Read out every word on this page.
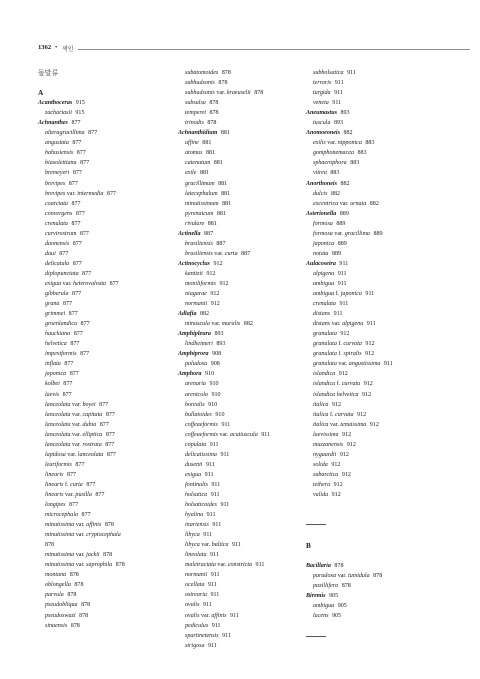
1362 • 색인
돌말류
A
Acanthoceras 915
zachariasii 915
Achnanthes 877
alteragracillima 877
angustata 877
bahusiensis 877
biasolettiana 877
bremeyeri 877
brevipes 877
brevipes var. intermedia 877
coarctata 877
convergens 877
crenulata 877
curvirostrum 877
daonensis 877
daui 877
delicatula 877
diplopunctata 877
exigua var. heterovalvata 877
gibberula 877
grana 877
grimmei 877
groenlandica 877
hauckiana 877
helvetica 877
impexiformis 877
inflata 877
japonica 877
kolbei 877
laevis 877
lanceolata var. boyei 877
lanceolata var. capitata 877
lanceolata var. dubia 877
lanceolata var. elliptica 877
lanceolata var. rostrata 877
lapidosa var. lanceolata 877
leariformis 877
linearis 877
linearis f. curta 877
linearis var. pusilla 877
longipes 877
microcephala 877
minutissima var. affinis 878
minutissima var. cryptocephala
878
minutissima var. jackii 878
minutissima var. saprophila 878
montana 878
oblongella 878
parvula 878
pseudobliqua 878
pseudoswazi 878
sinaensis 878
subatomoides 878
subhudsonis 878
subhudsonis var. kraeuselii 878
subsalsa 878
temperei 878
trinodis 878
Achnanthidium 881
affine 881
atomus 881
catenatum 881
exile 881
gracillimum 881
latecephalum 881
minutissimum 881
pyrenaicum 881
rivulare 881
Actinella 887
brasiliensis 887
brasiliensis var. curta 887
Actinocyclus 912
kanitzii 912
moniliformis 912
niagarae 912
normanii 912
Adlafia 882
minuscula var. muralis 882
Amphipleura 893
lindheimeri 893
Amphiprora 908
paludosa 908
Amphora 910
arenaria 910
arenicola 910
borealis 910
bullatoides 910
coffeaeformis 911
coffeaeformis var. acutiuscula 911
copulata 911
delicatissima 911
dusenii 911
exigua 911
fontinalis 911
holsatica 911
holsaticoides 911
hyalina 911
inariensis 911
libyca 911
libyca var. baltica 911
lineolata 911
maletractata var. constricta 911
normanii 911
ocellata 911
ostrearia 911
ovalis 911
ovalis var. affinis 911
pediculus 911
spartinetensis 911
strigosa 911
subholsatica 911
terroris 911
turgida 911
veneta 911
Aneumastus 893
tusculа 893
Anomoeoneis 882
exilis var. nipponica 883
gomphonemacea 883
sphaerophora 883
vitrea 883
Anorthoneis 882
dulcis 882
excentrica var. ornata 882
Asterionella 889
formosa 889
formosa var. gracillima 889
japonica 889
notata 889
Aulacoseira 911
alpigena 911
ambigua 911
ambigua f. japonica 911
crenulata 911
distans 911
distans var. alpigena 911
granulata 912
granulata f. curvata 912
granulata f. spiralis 912
granulata var. angustissima 911
islandica 912
islandica f. curvata 912
islandica helvetica 912
italica 912
italica f. curvata 912
italica var. tenuissima 912
laevissima 912
muzzanensis 912
nygaardii 912
solida 912
subarctica 912
tethera 912
valida 912
B
Bacillaria 878
paradoxa var. tumidula 878
paxillifera 878
Biremis 905
ambigua 905
lucens 905
